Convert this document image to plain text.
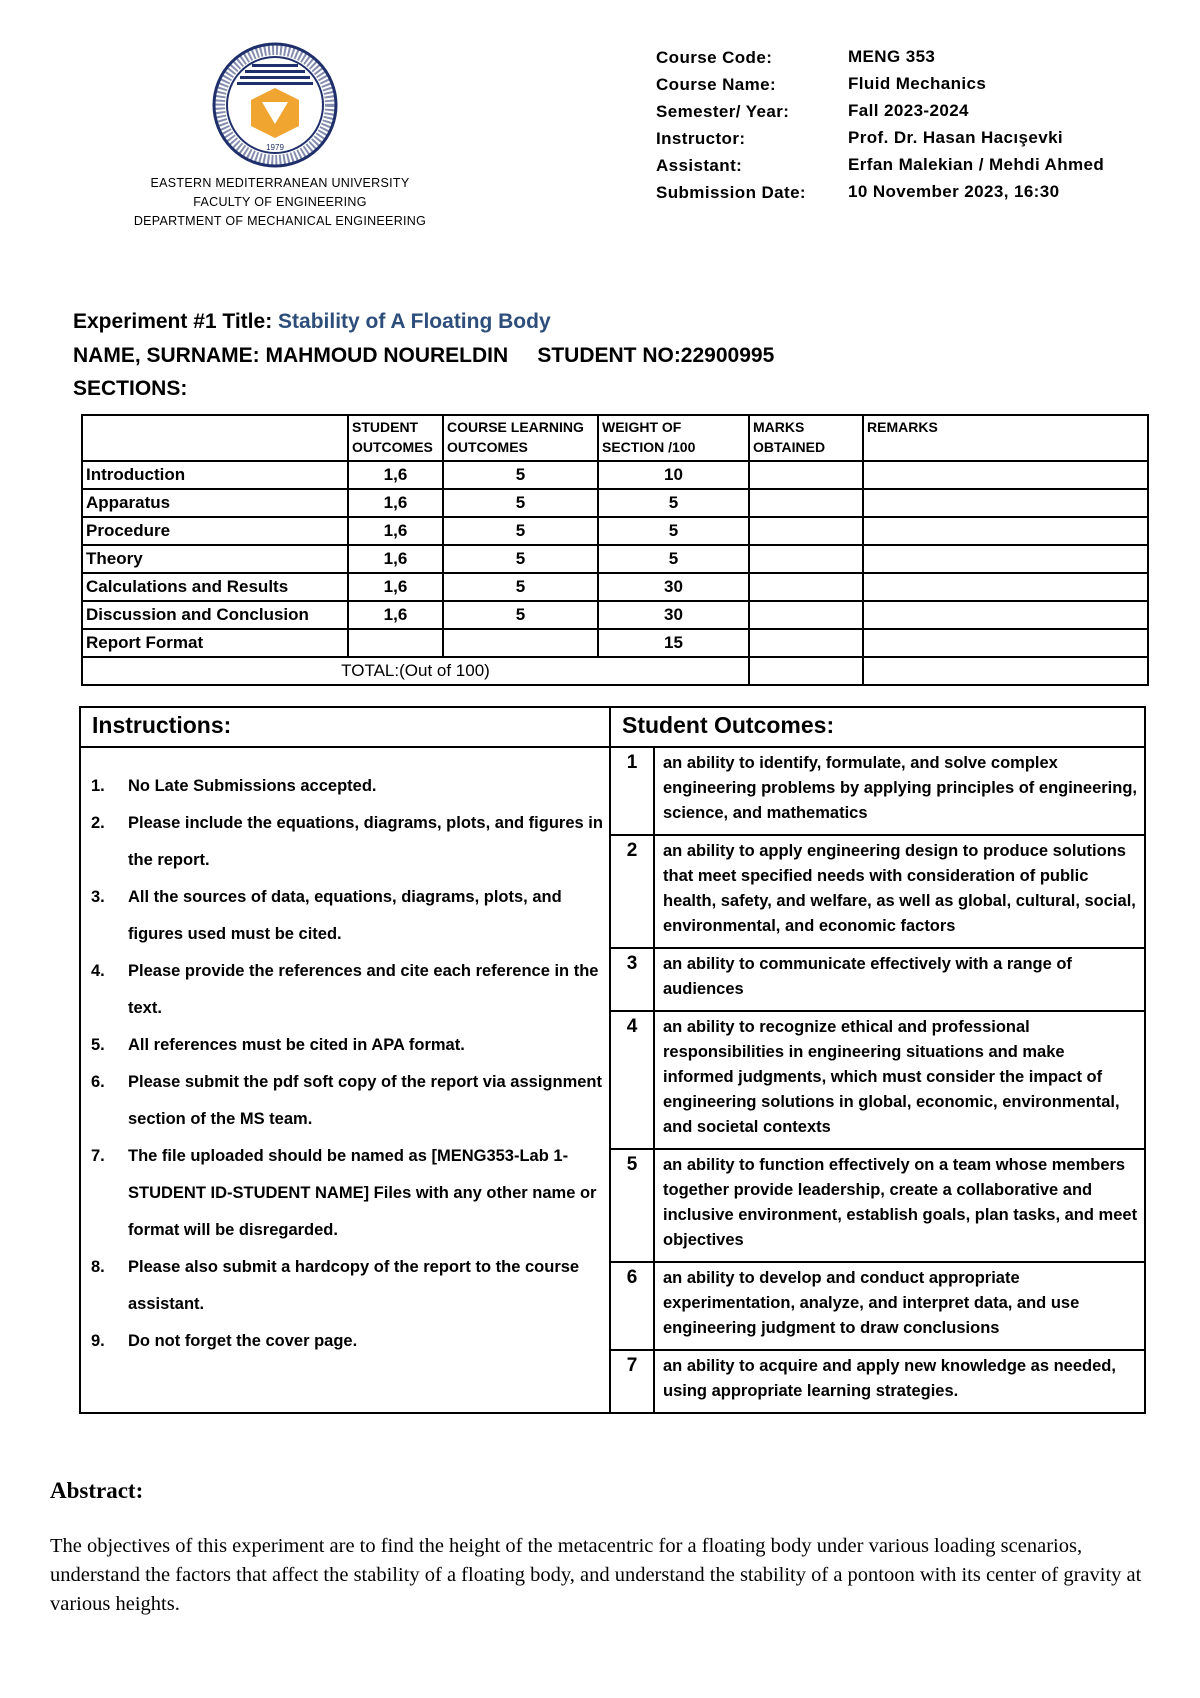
1979
EASTERN MEDITERRANEAN UNIVERSITY
FACULTY OF ENGINEERING
DEPARTMENT OF MECHANICAL ENGINEERING
Course Code:	MENG 353
Course Name:	Fluid Mechanics
Semester/ Year:	Fall 2023-2024
Instructor:	Prof. Dr. Hasan Hacışevki
Assistant:	Erfan Malekian / Mehdi Ahmed
Submission Date:	10 November 2023, 16:30
Experiment #1 Title: Stability of A Floating Body
NAME, SURNAME: MAHMOUD NOURELDIN     STUDENT NO:22900995
SECTIONS:
	STUDENT OUTCOMES	COURSE LEARNING OUTCOMES	WEIGHT OF SECTION /100	MARKS OBTAINED	REMARKS
Introduction	1,6	5	10		
Apparatus	1,6	5	5		
Procedure	1,6	5	5		
Theory	1,6	5	5		
Calculations and Results	1,6	5	30		
Discussion and Conclusion	1,6	5	30		
Report Format			15		
TOTAL:(Out of 100)					
Instructions:	Student Outcomes:

1.	No Late Submissions accepted.
2.	Please include the equations, diagrams, plots, and figures in the report.
3.	All the sources of data, equations, diagrams, plots, and figures used must be cited.
4.	Please provide the references and cite each reference in the text.
5.	All references must be cited in APA format.
6.	Please submit the pdf soft copy of the report via assignment section of the MS team.
7.	The file uploaded should be named as [MENG353-Lab 1-STUDENT ID-STUDENT NAME] Files with any other name or format will be disregarded.
8.	Please also submit a hardcopy of the report to the course assistant.
9.	Do not forget the cover page.

1	an ability to identify, formulate, and solve complex engineering problems by applying principles of engineering, science, and mathematics
2	an ability to apply engineering design to produce solutions that meet specified needs with consideration of public health, safety, and welfare, as well as global, cultural, social, environmental, and economic factors
3	an ability to communicate effectively with a range of audiences
4	an ability to recognize ethical and professional responsibilities in engineering situations and make informed judgments, which must consider the impact of engineering solutions in global, economic, environmental, and societal contexts
5	an ability to function effectively on a team whose members together provide leadership, create a collaborative and inclusive environment, establish goals, plan tasks, and meet objectives
6	an ability to develop and conduct appropriate experimentation, analyze, and interpret data, and use engineering judgment to draw conclusions
7	an ability to acquire and apply new knowledge as needed, using appropriate learning strategies.
Abstract:
The objectives of this experiment are to find the height of the metacentric for a floating body under various loading scenarios, understand the factors that affect the stability of a floating body, and understand the stability of a pontoon with its center of gravity at various heights.
